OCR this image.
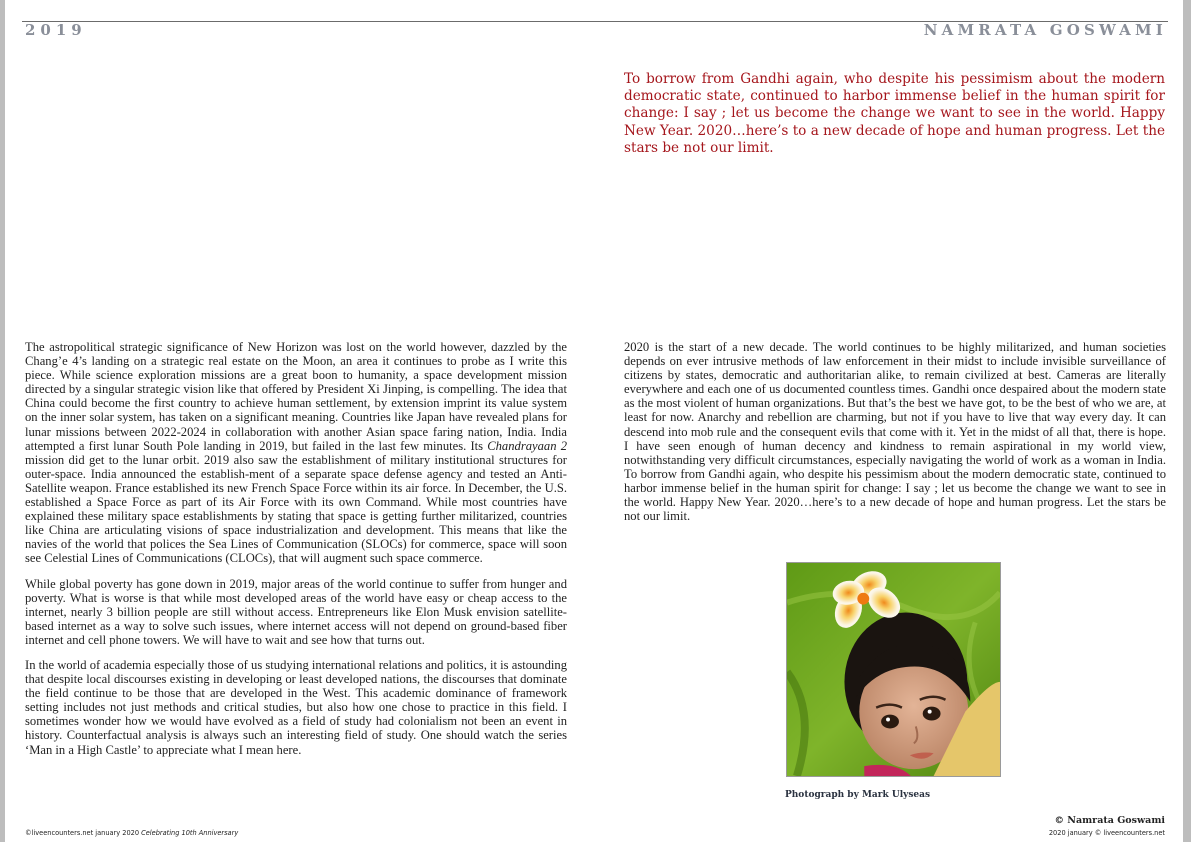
2019	NAMRATA GOSWAMI

To borrow from Gandhi again, who despite his pessimism about the modern democratic state, continued to harbor immense belief in the human spirit for change: I say ; let us become the change we want to see in the world. Happy New Year. 2020…here’s to a new decade of hope and human progress. Let the stars be not our limit.

The astropolitical strategic significance of New Horizon was lost on the world however, dazzled by the Chang’e 4’s landing on a strategic real estate on the Moon, an area it continues to probe as I write this piece. While science exploration missions are a great boon to humanity, a space development mission directed by a singular strategic vision like that offered by President Xi Jinping, is compelling. The idea that China could become the first country to achieve human settlement, by extension imprint its value system on the inner solar system, has taken on a significant meaning. Countries like Japan have revealed plans for lunar missions between 2022-2024 in collaboration with another Asian space faring nation, India. India attempted a first lunar South Pole landing in 2019, but failed in the last few minutes. Its Chandrayaan 2 mission did get to the lunar orbit. 2019 also saw the establishment of military institutional structures for outer-space. India announced the establish-ment of a separate space defense agency and tested an Anti-Satellite weapon. France established its new French Space Force within its air force. In December, the U.S. established a Space Force as part of its Air Force with its own Command. While most countries have explained these military space establishments by stating that space is getting further militarized, countries like China are articulating visions of space industrialization and development. This means that like the navies of the world that polices the Sea Lines of Communication (SLOCs) for commerce, space will soon see Celestial Lines of Communications (CLOCs), that will augment such space commerce.

While global poverty has gone down in 2019, major areas of the world continue to suffer from hunger and poverty. What is worse is that while most developed areas of the world have easy or cheap access to the internet, nearly 3 billion people are still without access. Entrepreneurs like Elon Musk envision satellite-based internet as a way to solve such issues, where internet access will not depend on ground-based fiber internet and cell phone towers. We will have to wait and see how that turns out.

In the world of academia especially those of us studying international relations and politics, it is astounding that despite local discourses existing in developing or least developed nations, the discourses that dominate the field continue to be those that are developed in the West. This academic dominance of framework setting includes not just methods and critical studies, but also how one chose to practice in this field. I sometimes wonder how we would have evolved as a field of study had colonialism not been an event in history. Counterfactual analysis is always such an interesting field of study. One should watch the series ‘Man in a High Castle’ to appreciate what I mean here.

2020 is the start of a new decade. The world continues to be highly militarized, and human societies depends on ever intrusive methods of law enforcement in their midst to include invisible surveillance of citizens by states, democratic and authoritarian alike, to remain civilized at best. Cameras are literally everywhere and each one of us documented countless times. Gandhi once despaired about the modern state as the most violent of human organizations. But that’s the best we have got, to be the best of who we are, at least for now. Anarchy and rebellion are charming, but not if you have to live that way every day. It can descend into mob rule and the consequent evils that come with it. Yet in the midst of all that, there is hope. I have seen enough of human decency and kindness to remain aspirational in my world view, notwithstanding very difficult circumstances, especially navigating the world of work as a woman in India. To borrow from Gandhi again, who despite his pessimism about the modern democratic state, continued to harbor immense belief in the human spirit for change: I say ; let us become the change we want to see in the world. Happy New Year. 2020…here’s to a new decade of hope and human progress. Let the stars be not our limit.

Photograph by Mark Ulyseas
©liveencounters.net january 2020 Celebrating 10th Anniversary
© Namrata Goswami
2020 january © liveencounters.net
